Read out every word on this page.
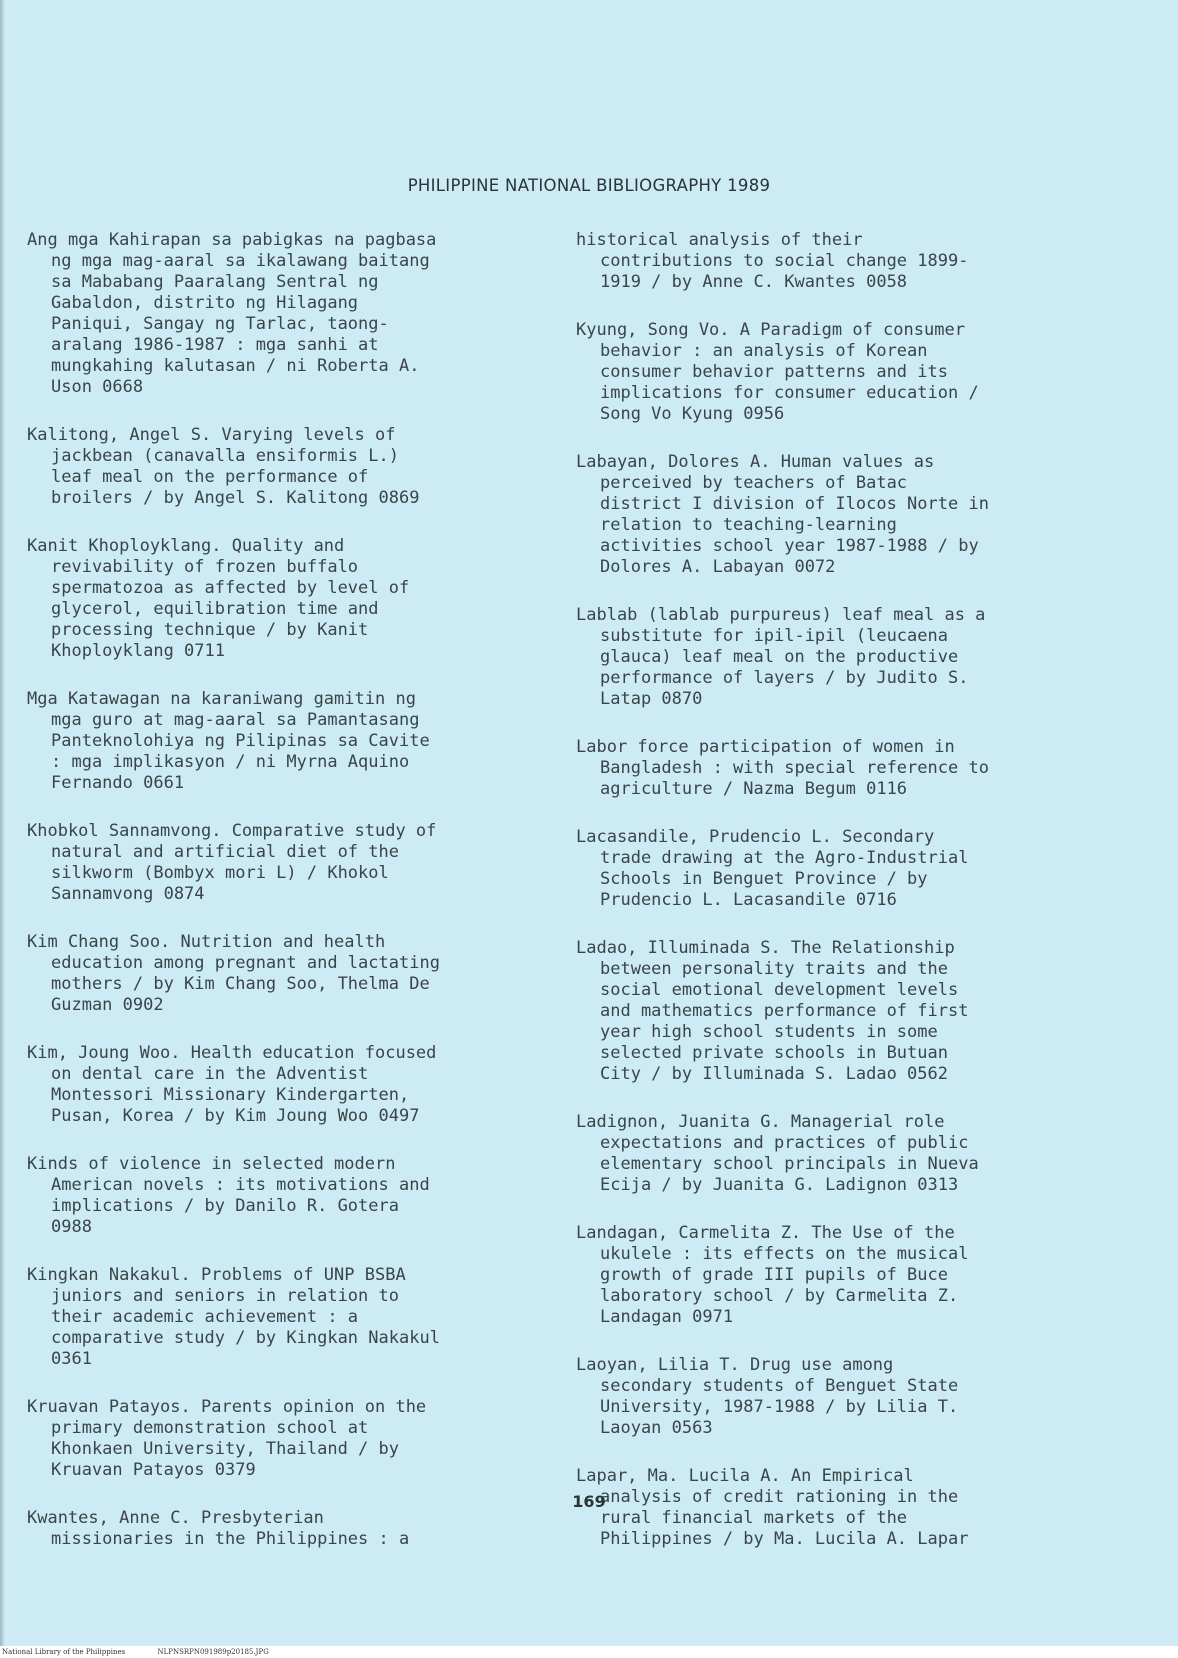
PHILIPPINE NATIONAL BIBLIOGRAPHY 1989

Ang mga Kahirapan sa pabigkas na pagbasa
ng mga mag-aaral sa ikalawang baitang
sa Mababang Paaralang Sentral ng
Gabaldon, distrito ng Hilagang
Paniqui, Sangay ng Tarlac, taong-
aralang 1986-1987 : mga sanhi at
mungkahing kalutasan / ni Roberta A.
Uson 0668

Kalitong, Angel S. Varying levels of
jackbean (canavalla ensiformis L.)
leaf meal on the performance of
broilers / by Angel S. Kalitong 0869

Kanit Khoployklang. Quality and
revivability of frozen buffalo
spermatozoa as affected by level of
glycerol, equilibration time and
processing technique / by Kanit
Khoployklang 0711

Mga Katawagan na karaniwang gamitin ng
mga guro at mag-aaral sa Pamantasang
Panteknolohiya ng Pilipinas sa Cavite
: mga implikasyon / ni Myrna Aquino
Fernando 0661

Khobkol Sannamvong. Comparative study of
natural and artificial diet of the
silkworm (Bombyx mori L) / Khokol
Sannamvong 0874

Kim Chang Soo. Nutrition and health
education among pregnant and lactating
mothers / by Kim Chang Soo, Thelma De
Guzman 0902

Kim, Joung Woo. Health education focused
on dental care in the Adventist
Montessori Missionary Kindergarten,
Pusan, Korea / by Kim Joung Woo 0497

Kinds of violence in selected modern
American novels : its motivations and
implications / by Danilo R. Gotera
0988

Kingkan Nakakul. Problems of UNP BSBA
juniors and seniors in relation to
their academic achievement : a
comparative study / by Kingkan Nakakul
0361

Kruavan Patayos. Parents opinion on the
primary demonstration school at
Khonkaen University, Thailand / by
Kruavan Patayos 0379

Kwantes, Anne C. Presbyterian
missionaries in the Philippines : a

historical analysis of their
contributions to social change 1899-
1919 / by Anne C. Kwantes 0058

Kyung, Song Vo. A Paradigm of consumer
behavior : an analysis of Korean
consumer behavior patterns and its
implications for consumer education /
Song Vo Kyung 0956

Labayan, Dolores A. Human values as
perceived by teachers of Batac
district I division of Ilocos Norte in
relation to teaching-learning
activities school year 1987-1988 / by
Dolores A. Labayan 0072

Lablab (lablab purpureus) leaf meal as a
substitute for ipil-ipil (leucaena
glauca) leaf meal on the productive
performance of layers / by Judito S.
Latap 0870

Labor force participation of women in
Bangladesh : with special reference to
agriculture / Nazma Begum 0116

Lacasandile, Prudencio L. Secondary
trade drawing at the Agro-Industrial
Schools in Benguet Province / by
Prudencio L. Lacasandile 0716

Ladao, Illuminada S. The Relationship
between personality traits and the
social emotional development levels
and mathematics performance of first
year high school students in some
selected private schools in Butuan
City / by Illuminada S. Ladao 0562

Ladignon, Juanita G. Managerial role
expectations and practices of public
elementary school principals in Nueva
Ecija / by Juanita G. Ladignon 0313

Landagan, Carmelita Z. The Use of the
ukulele : its effects on the musical
growth of grade III pupils of Buce
laboratory school / by Carmelita Z.
Landagan 0971

Laoyan, Lilia T. Drug use among
secondary students of Benguet State
University, 1987-1988 / by Lilia T.
Laoyan 0563

Lapar, Ma. Lucila A. An Empirical
analysis of credit rationing in the
rural financial markets of the
Philippines / by Ma. Lucila A. Lapar

169
National Library of the Philippines	NLPNSRPN091989p20185.JPG
